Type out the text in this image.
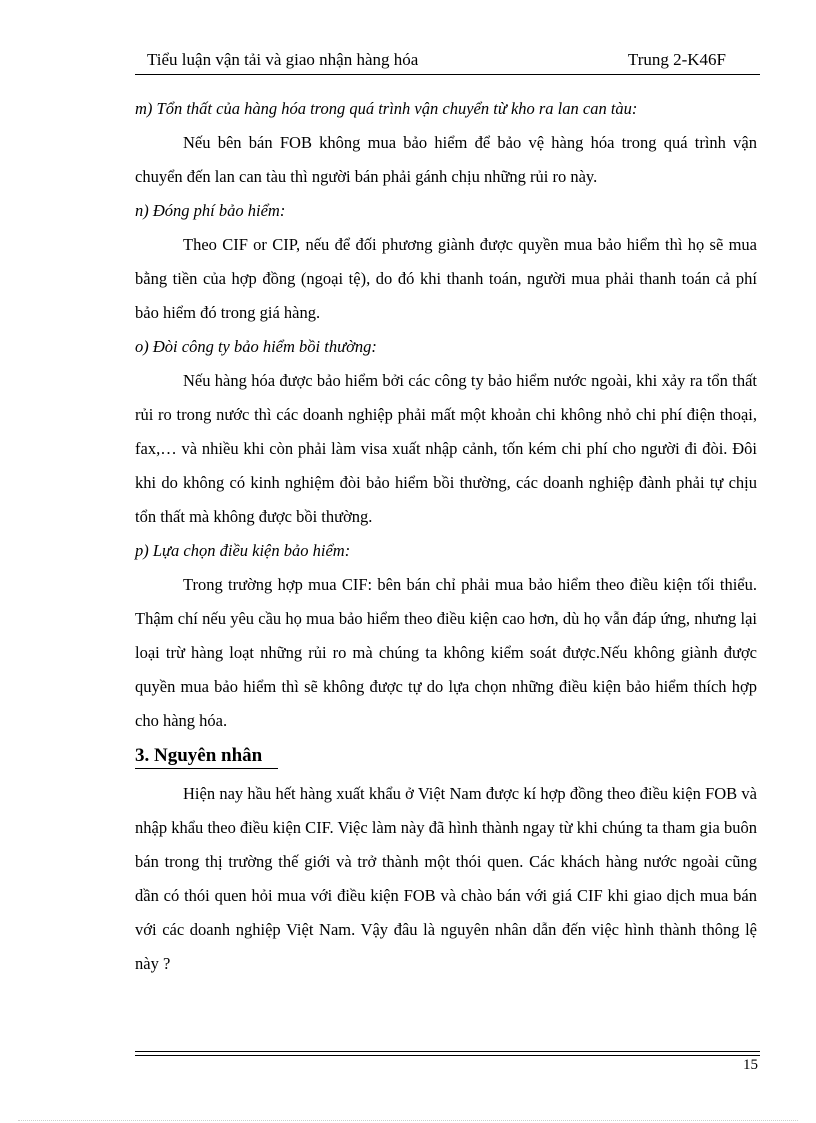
Tiểu luận vận tải và giao nhận hàng hóa	Trung 2-K46F
m) Tổn thất của hàng hóa trong quá trình vận chuyển từ kho ra lan can tàu:
Nếu bên bán FOB không mua bảo hiểm để bảo vệ hàng hóa trong quá trình vận chuyển đến lan can tàu thì người bán phải gánh chịu những rủi ro này.
n) Đóng phí bảo hiểm:
Theo CIF or CIP, nếu để đối phương giành được quyền mua bảo hiểm thì họ sẽ mua bằng tiền của hợp đồng (ngoại tệ), do đó khi thanh toán, người mua phải thanh toán cả phí bảo hiểm đó trong giá hàng.
o) Đòi công ty bảo hiểm bồi thường:
Nếu hàng hóa được bảo hiểm bởi các công ty bảo hiểm nước ngoài, khi xảy ra tổn thất rủi ro trong nước thì các doanh nghiệp phải mất một khoản chi không nhỏ chi phí điện thoại, fax,… và nhiều khi còn phải làm visa xuất nhập cảnh, tốn kém chi phí cho người đi đòi. Đôi khi do không có kinh nghiệm đòi bảo hiểm bồi thường, các doanh nghiệp đành phải tự chịu tổn thất mà không được bồi thường.
p) Lựa chọn điều kiện bảo hiểm:
Trong trường hợp mua CIF: bên bán chỉ phải mua bảo hiểm theo điều kiện tối thiểu. Thậm chí nếu yêu cầu họ mua bảo hiểm theo điều kiện cao hơn, dù họ vẫn đáp ứng, nhưng lại loại trừ hàng loạt những rủi ro mà chúng ta không kiểm soát được.Nếu không giành được quyền mua bảo hiểm thì sẽ không được tự do lựa chọn những điều kiện bảo hiểm thích hợp cho hàng hóa.
3. Nguyên nhân
Hiện nay hầu hết hàng xuất khẩu ở Việt Nam được kí hợp đồng theo điều kiện FOB và nhập khẩu theo điều kiện CIF. Việc làm này đã hình thành ngay từ khi chúng ta tham gia buôn bán trong thị trường thế giới và trở thành một thói quen. Các khách hàng nước ngoài cũng dần có thói quen hỏi mua với điều kiện FOB và chào bán với giá CIF khi giao dịch mua bán với các doanh nghiệp Việt Nam. Vậy đâu là nguyên nhân dẫn đến việc hình thành thông lệ này ?
15
